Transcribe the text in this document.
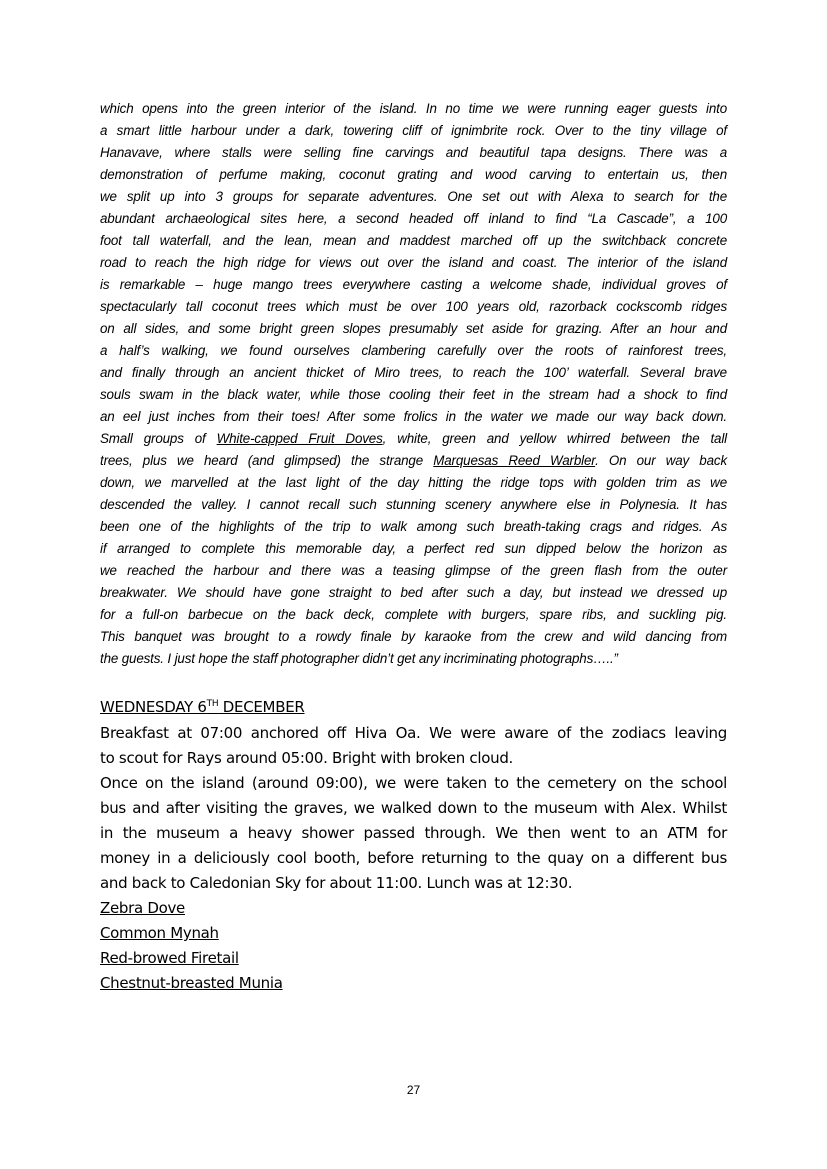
which opens into the green interior of the island. In no time we were running eager guests into
a smart little harbour under a dark, towering cliff of ignimbrite rock. Over to the tiny village of
Hanavave, where stalls were selling fine carvings and beautiful tapa designs. There was a
demonstration of perfume making, coconut grating and wood carving to entertain us, then
we split up into 3 groups for separate adventures. One set out with Alexa to search for the
abundant archaeological sites here, a second headed off inland to find “La Cascade”, a 100
foot tall waterfall, and the lean, mean and maddest marched off up the switchback concrete
road to reach the high ridge for views out over the island and coast. The interior of the island
is remarkable – huge mango trees everywhere casting a welcome shade, individual groves of
spectacularly tall coconut trees which must be over 100 years old, razorback cockscomb ridges
on all sides, and some bright green slopes presumably set aside for grazing. After an hour and
a half’s walking, we found ourselves clambering carefully over the roots of rainforest trees,
and finally through an ancient thicket of Miro trees, to reach the 100’ waterfall. Several brave
souls swam in the black water, while those cooling their feet in the stream had a shock to find
an eel just inches from their toes! After some frolics in the water we made our way back down.
Small groups of White-capped Fruit Doves, white, green and yellow whirred between the tall
trees, plus we heard (and glimpsed) the strange Marquesas Reed Warbler. On our way back
down, we marvelled at the last light of the day hitting the ridge tops with golden trim as we
descended the valley. I cannot recall such stunning scenery anywhere else in Polynesia. It has
been one of the highlights of the trip to walk among such breath-taking crags and ridges. As
if arranged to complete this memorable day, a perfect red sun dipped below the horizon as
we reached the harbour and there was a teasing glimpse of the green flash from the outer
breakwater. We should have gone straight to bed after such a day, but instead we dressed up
for a full-on barbecue on the back deck, complete with burgers, spare ribs, and suckling pig.
This banquet was brought to a rowdy finale by karaoke from the crew and wild dancing from
the guests. I just hope the staff photographer didn’t get any incriminating photographs…..”
WEDNESDAY 6TH DECEMBER
Breakfast at 07:00 anchored off Hiva Oa. We were aware of the zodiacs leaving
to scout for Rays around 05:00. Bright with broken cloud.
Once on the island (around 09:00), we were taken to the cemetery on the school
bus and after visiting the graves, we walked down to the museum with Alex. Whilst
in the museum a heavy shower passed through. We then went to an ATM for
money in a deliciously cool booth, before returning to the quay on a different bus
and back to Caledonian Sky for about 11:00. Lunch was at 12:30.
Zebra Dove
Common Mynah
Red-browed Firetail
Chestnut-breasted Munia
27
